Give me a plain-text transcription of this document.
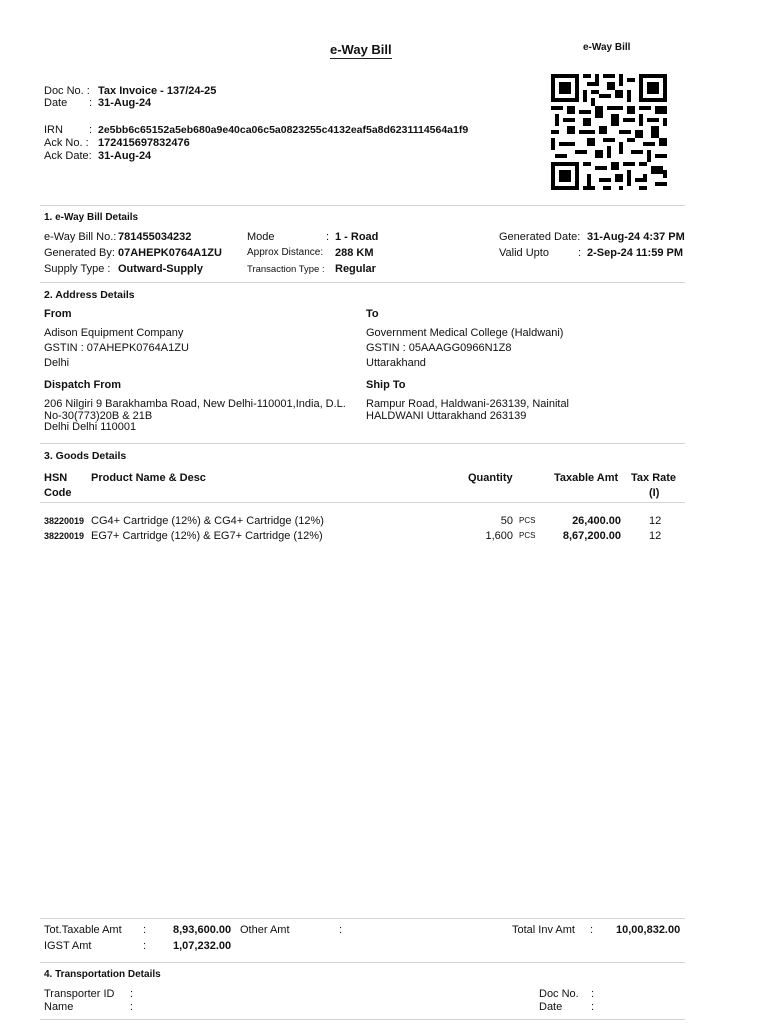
e-Way Bill	e-Way Bill
Doc No. : Tax Invoice - 137/24-25
Date : 31-Aug-24
IRN : 2e5bb6c65152a5eb680a9e40ca06c5a0823255c4132eaf5a8d6231114564a1f9
Ack No. : 172415697832476
Ack Date: 31-Aug-24
1. e-Way Bill Details
e-Way Bill No.: 781455034232
Generated By: 07AHEPK0764A1ZU
Supply Type : Outward-Supply
Mode	: 1 - Road
Approx Distance: 288 KM
Transaction Type : Regular
Generated Date: 31-Aug-24 4:37 PM
Valid Upto	: 2-Sep-24 11:59 PM
2. Address Details
From
Adison Equipment Company
GSTIN : 07AHEPK0764A1ZU
Delhi
To
Government Medical College (Haldwani)
GSTIN : 05AAAGG0966N1Z8
Uttarakhand
Dispatch From
206 Nilgiri 9 Barakhamba Road, New Delhi-110001,India, D.L.
No-30(773)20B & 21B
Delhi Delhi 110001
Ship To
Rampur Road, Haldwani-263139, Nainital
HALDWANI Uttarakhand 263139
3. Goods Details
HSN
Code
Product Name & Desc	Quantity	Taxable Amt Tax Rate
(I)
38220019 CG4+ Cartridge (12%) & CG4+ Cartridge (12%)	50 PCS	26,400.00	12
38220019 EG7+ Cartridge (12%) & EG7+ Cartridge (12%)	1,600 PCS	8,67,200.00	12
Tot.Taxable Amt : 8,93,600.00 Other Amt	:
IGST Amt	: 1,07,232.00
Total Inv Amt : 10,00,832.00
4. Transportation Details
Transporter ID :
Name	:
Doc No. :
Date	:
